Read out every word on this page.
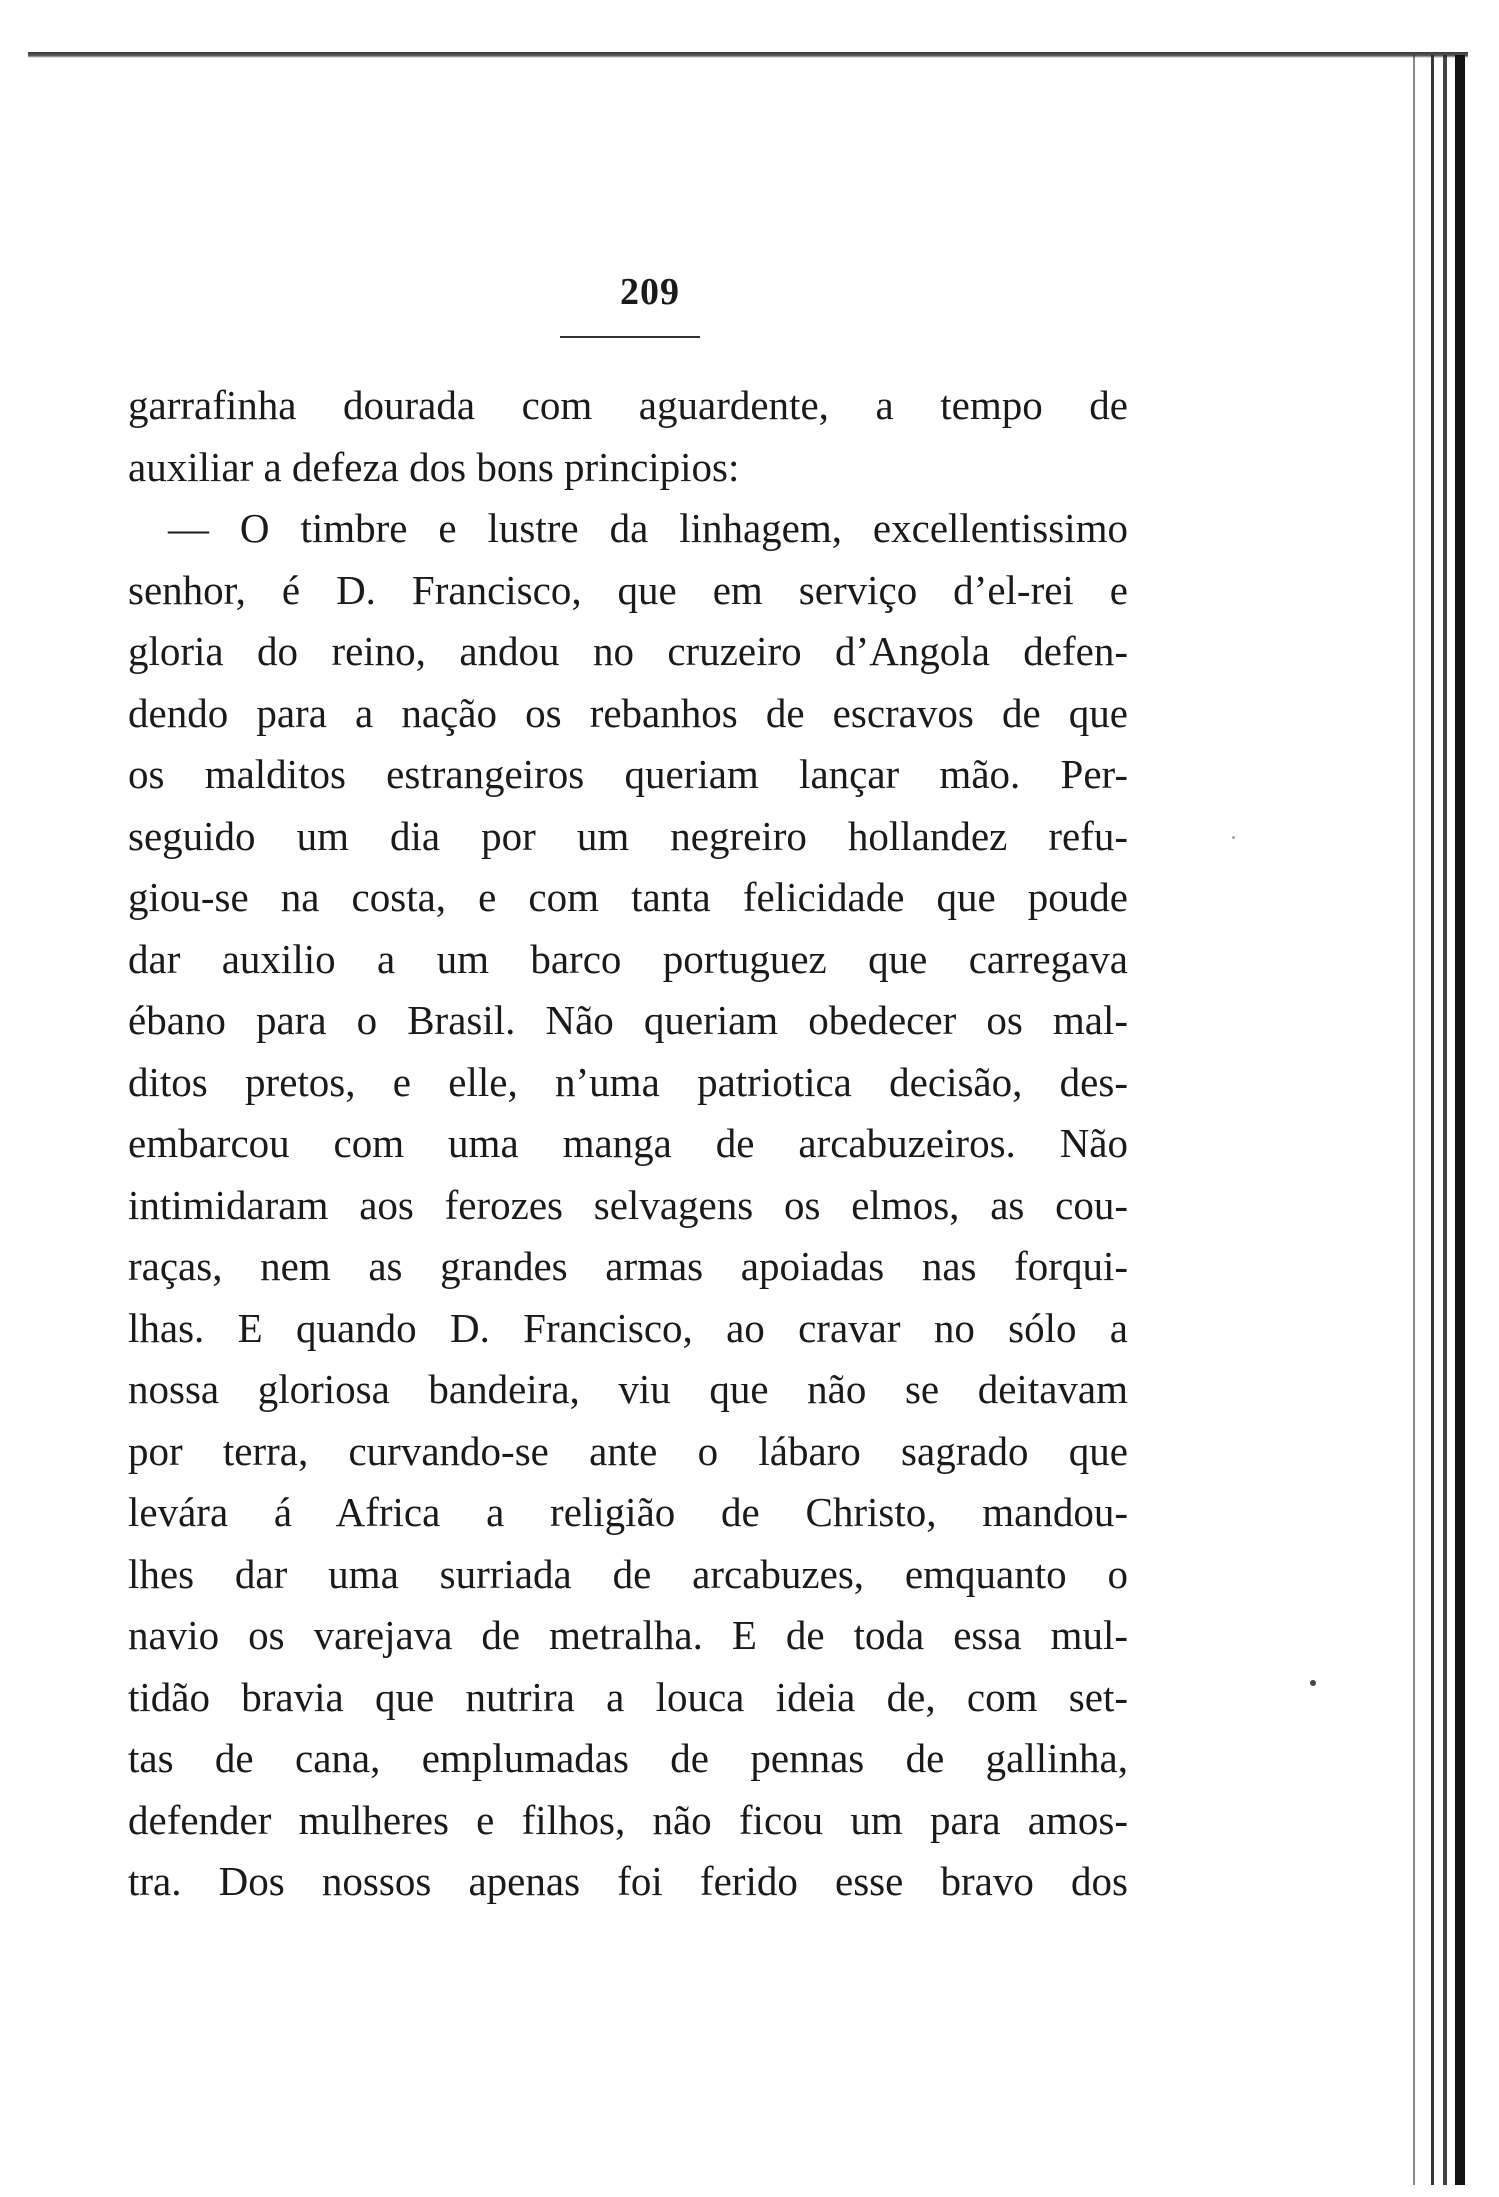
209
garrafinha dourada com aguardente, a tempo de
auxiliar a defeza dos bons principios:
— O timbre e lustre da linhagem, excellentissimo
senhor, é D. Francisco, que em serviço d’el-rei e
gloria do reino, andou no cruzeiro d’Angola defen-
dendo para a nação os rebanhos de escravos de que
os malditos estrangeiros queriam lançar mão. Per-
seguido um dia por um negreiro hollandez refu-
giou-se na costa, e com tanta felicidade que poude
dar auxilio a um barco portuguez que carregava
ébano para o Brasil. Não queriam obedecer os mal-
ditos pretos, e elle, n’uma patriotica decisão, des-
embarcou com uma manga de arcabuzeiros. Não
intimidaram aos ferozes selvagens os elmos, as cou-
raças, nem as grandes armas apoiadas nas forqui-
lhas. E quando D. Francisco, ao cravar no sólo a
nossa gloriosa bandeira, viu que não se deitavam
por terra, curvando-se ante o lábaro sagrado que
levára á Africa a religião de Christo, mandou-
lhes dar uma surriada de arcabuzes, emquanto o
navio os varejava de metralha. E de toda essa mul-
tidão bravia que nutrira a louca ideia de, com set-
tas de cana, emplumadas de pennas de gallinha,
defender mulheres e filhos, não ficou um para amos-
tra. Dos nossos apenas foi ferido esse bravo dos
